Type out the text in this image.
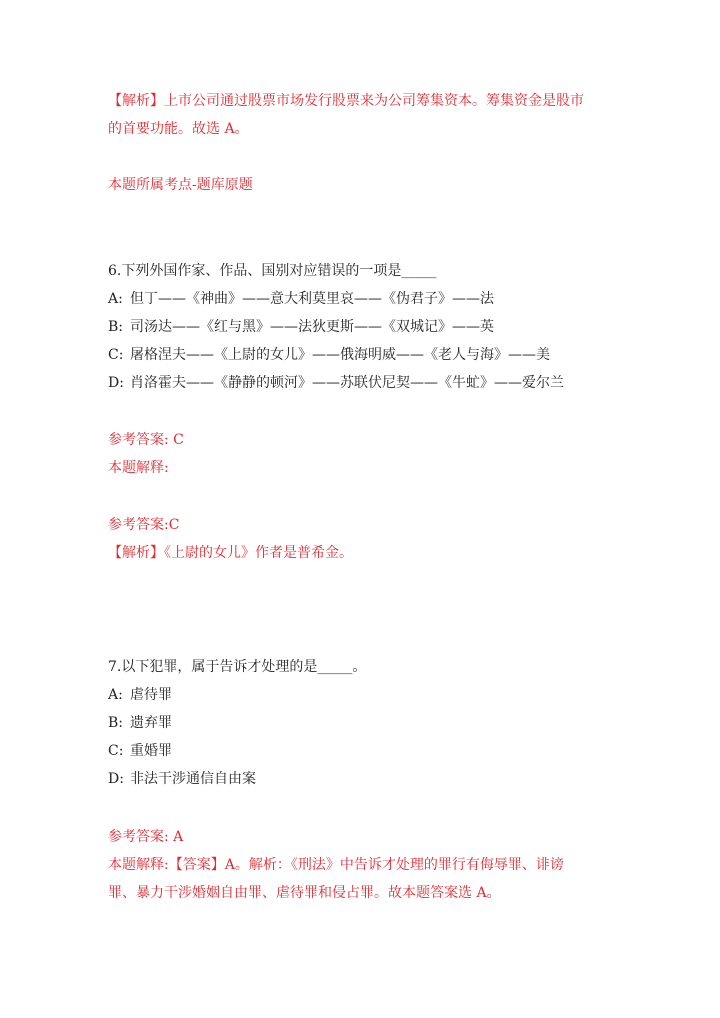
【解析】上市公司通过股票市场发行股票来为公司筹集资本。筹集资金是股市
的首要功能。故选 A。
本题所属考点-题库原题
6.下列外国作家、作品、国别对应错误的一项是_____
A: 但丁——《神曲》——意大利莫里哀——《伪君子》——法
B: 司汤达——《红与黑》——法狄更斯——《双城记》——英
C: 屠格涅夫——《上尉的女儿》——俄海明威——《老人与海》——美
D: 肖洛霍夫——《静静的顿河》——苏联伏尼契——《牛虻》——爱尔兰
参考答案: C
本题解释:
参考答案:C
【解析】《上尉的女儿》作者是普希金。
7.以下犯罪，属于告诉才处理的是_____。
A: 虐待罪
B: 遗弃罪
C: 重婚罪
D: 非法干涉通信自由案
参考答案: A
本题解释:【答案】A。解析：《刑法》中告诉才处理的罪行有侮辱罪、诽谤
罪、暴力干涉婚姻自由罪、虐待罪和侵占罪。故本题答案选 A。
